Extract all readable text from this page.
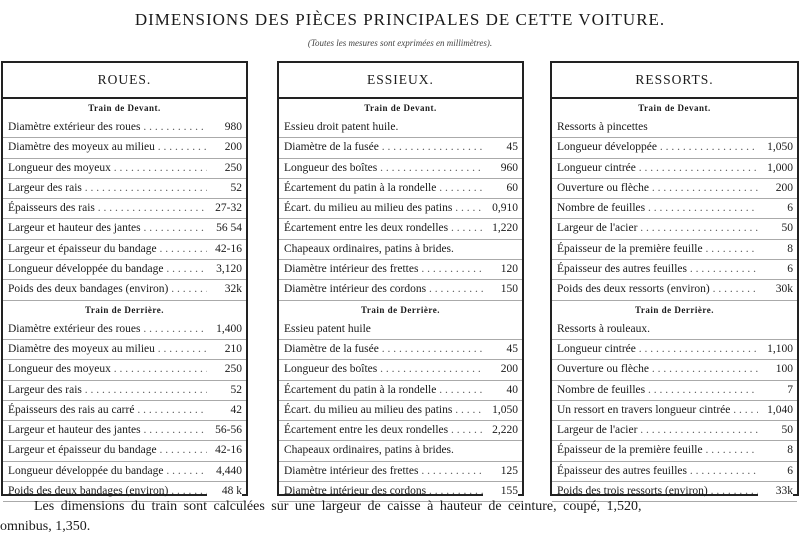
DIMENSIONS DES PIÈCES PRINCIPALES DE CETTE VOITURE.
(Toutes les mesures sont exprimées en millimètres).
ROUES.
Train de Devant.
Diamètre extérieur des roues . . .	980
Diamètre des moyeux au milieu . . .	200
Longueur des moyeux . . .	250
Largeur des rais . . .	52
Épaisseurs des rais . . .	27-32
Largeur et hauteur des jantes . . .	56 54
Largeur et épaisseur du bandage . . .	42-16
Longueur développée du bandage . . .	3,120
Poids des deux bandages (environ) . . .	32k
Train de Derrière.
Diamètre extérieur des roues . . .	1,400
Diamètre des moyeux au milieu . . .	210
Longueur des moyeux . . .	250
Largeur des rais . . .	52
Épaisseurs des rais au carré . . .	42
Largeur et hauteur des jantes . . .	56-56
Largeur et épaisseur du bandage . . .	42-16
Longueur développée du bandage . . .	4,440
Poids des deux bandages (environ) . . .	48 k
ESSIEUX.
Train de Devant.
Essieu droit patent huile.
Diamètre de la fusée . . .	45
Longueur des boîtes . . .	960
Écartement du patin à la rondelle . . .	60
Écart. du milieu au milieu des patins . . .	0,910
Écartement entre les deux rondelles . . .	1,220
Chapeaux ordinaires, patins à brides.
Diamètre intérieur des frettes . . .	120
Diamètre intérieur des cordons . . .	150
Train de Derrière.
Essieu patent huile
Diamètre de la fusée . . .	45
Longueur des boîtes . . .	200
Écartement du patin à la rondelle . . .	40
Écart. du milieu au milieu des patins . . .	1,050
Écartement entre les deux rondelles . . .	2,220
Chapeaux ordinaires, patins à brides.
Diamètre intérieur des frettes . . .	125
Diamètre intérieur des cordons . . .	155
RESSORTS.
Train de Devant.
Ressorts à pincettes
Longueur développée . . .	1,050
Longueur cintrée . . .	1,000
Ouverture ou flèche . . .	200
Nombre de feuilles . . .	6
Largeur de l'acier . . .	50
Épaisseur de la première feuille . . .	8
Épaisseur des autres feuilles . . .	6
Poids des deux ressorts (environ) . . .	30k
Train de Derrière.
Ressorts à rouleaux.
Longueur cintrée . . .	1,100
Ouverture ou flèche . . .	100
Nombre de feuilles . . .	7
Un ressort en travers longueur cintrée . . .	1,040
Largeur de l'acier . . .	50
Épaisseur de la première feuille . . .	8
Épaisseur des autres feuilles . . .	6
Poids des trois ressorts (environ) . . .	33k

Les dimensions du train sont calculées sur une largeur de caisse à hauteur de ceinture, coupé, 1,520,

omnibus, 1,350.
